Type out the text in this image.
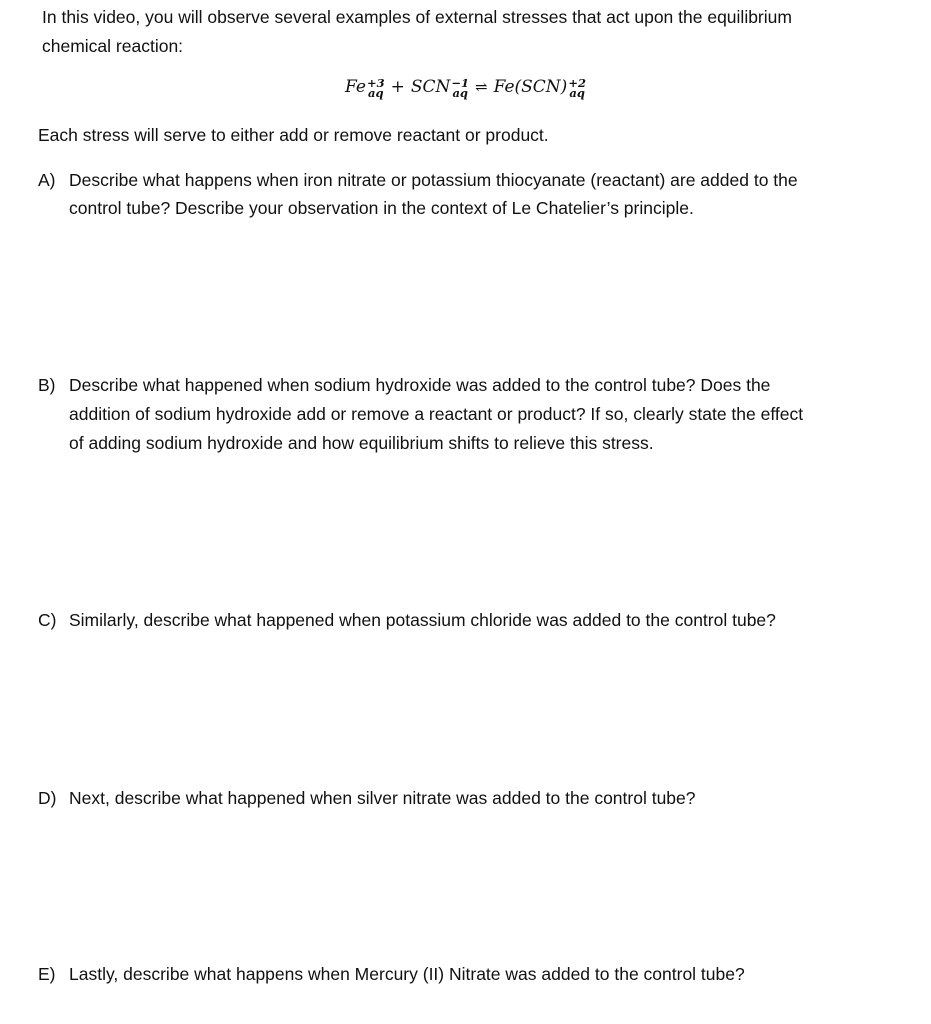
In this video, you will observe several examples of external stresses that act upon the equilibrium
chemical reaction:
Fe +3
aq + SCN −1
aq ⇌ Fe(SCN) +2
aq
Each stress will serve to either add or remove reactant or product.
A) Describe what happens when iron nitrate or potassium thiocyanate (reactant) are added to the
control tube? Describe your observation in the context of Le Chatelier’s principle.
B) Describe what happened when sodium hydroxide was added to the control tube? Does the
addition of sodium hydroxide add or remove a reactant or product? If so, clearly state the effect
of adding sodium hydroxide and how equilibrium shifts to relieve this stress.
C) Similarly, describe what happened when potassium chloride was added to the control tube?
D) Next, describe what happened when silver nitrate was added to the control tube?
E) Lastly, describe what happens when Mercury (II) Nitrate was added to the control tube?
